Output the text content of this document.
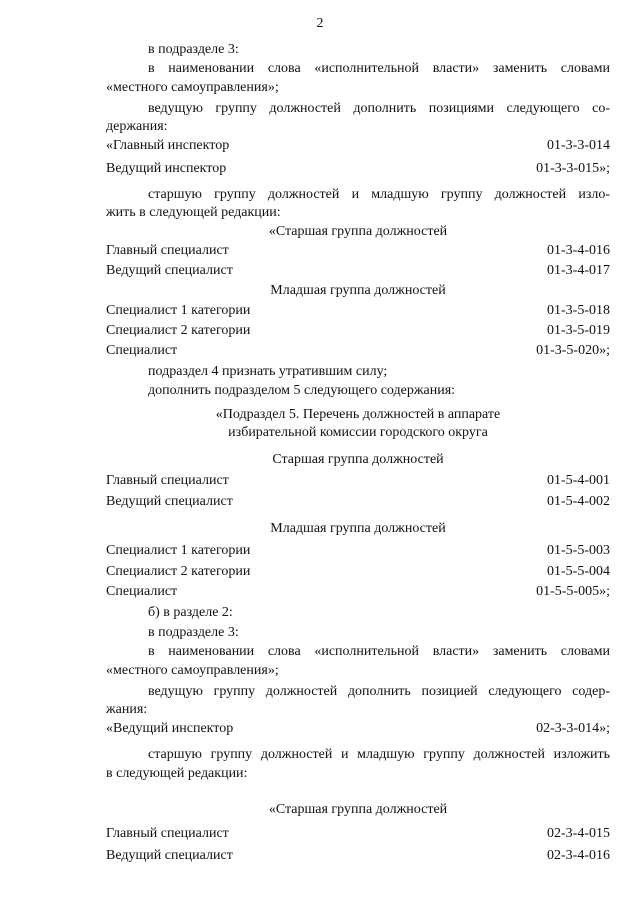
2
в подразделе 3:
в наименовании слова «исполнительной власти» заменить словами
«местного самоуправления»;
ведущую группу должностей дополнить позициями следующего со-
держания:
«Главный инспектор	01-3-3-014
Ведущий инспектор	01-3-3-015»;
старшую группу должностей и младшую группу должностей изло-
жить в следующей редакции:
«Старшая группа должностей
Главный специалист	01-3-4-016
Ведущий специалист	01-3-4-017
Младшая группа должностей
Специалист 1 категории	01-3-5-018
Специалист 2 категории	01-3-5-019
Специалист	01-3-5-020»;
подраздел 4 признать утратившим силу;
дополнить подразделом 5 следующего содержания:
«Подраздел 5. Перечень должностей в аппарате
избирательной комиссии городского округа
Старшая группа должностей
Главный специалист	01-5-4-001
Ведущий специалист	01-5-4-002
Младшая группа должностей
Специалист 1 категории	01-5-5-003
Специалист 2 категории	01-5-5-004
Специалист	01-5-5-005»;
б) в разделе 2:
в подразделе 3:
в наименовании слова «исполнительной власти» заменить словами
«местного самоуправления»;
ведущую группу должностей дополнить позицией следующего содер-
жания:
«Ведущий инспектор	02-3-3-014»;
старшую группу должностей и младшую группу должностей изложить
в следующей редакции:
«Старшая группа должностей
Главный специалист	02-3-4-015
Ведущий специалист	02-3-4-016
